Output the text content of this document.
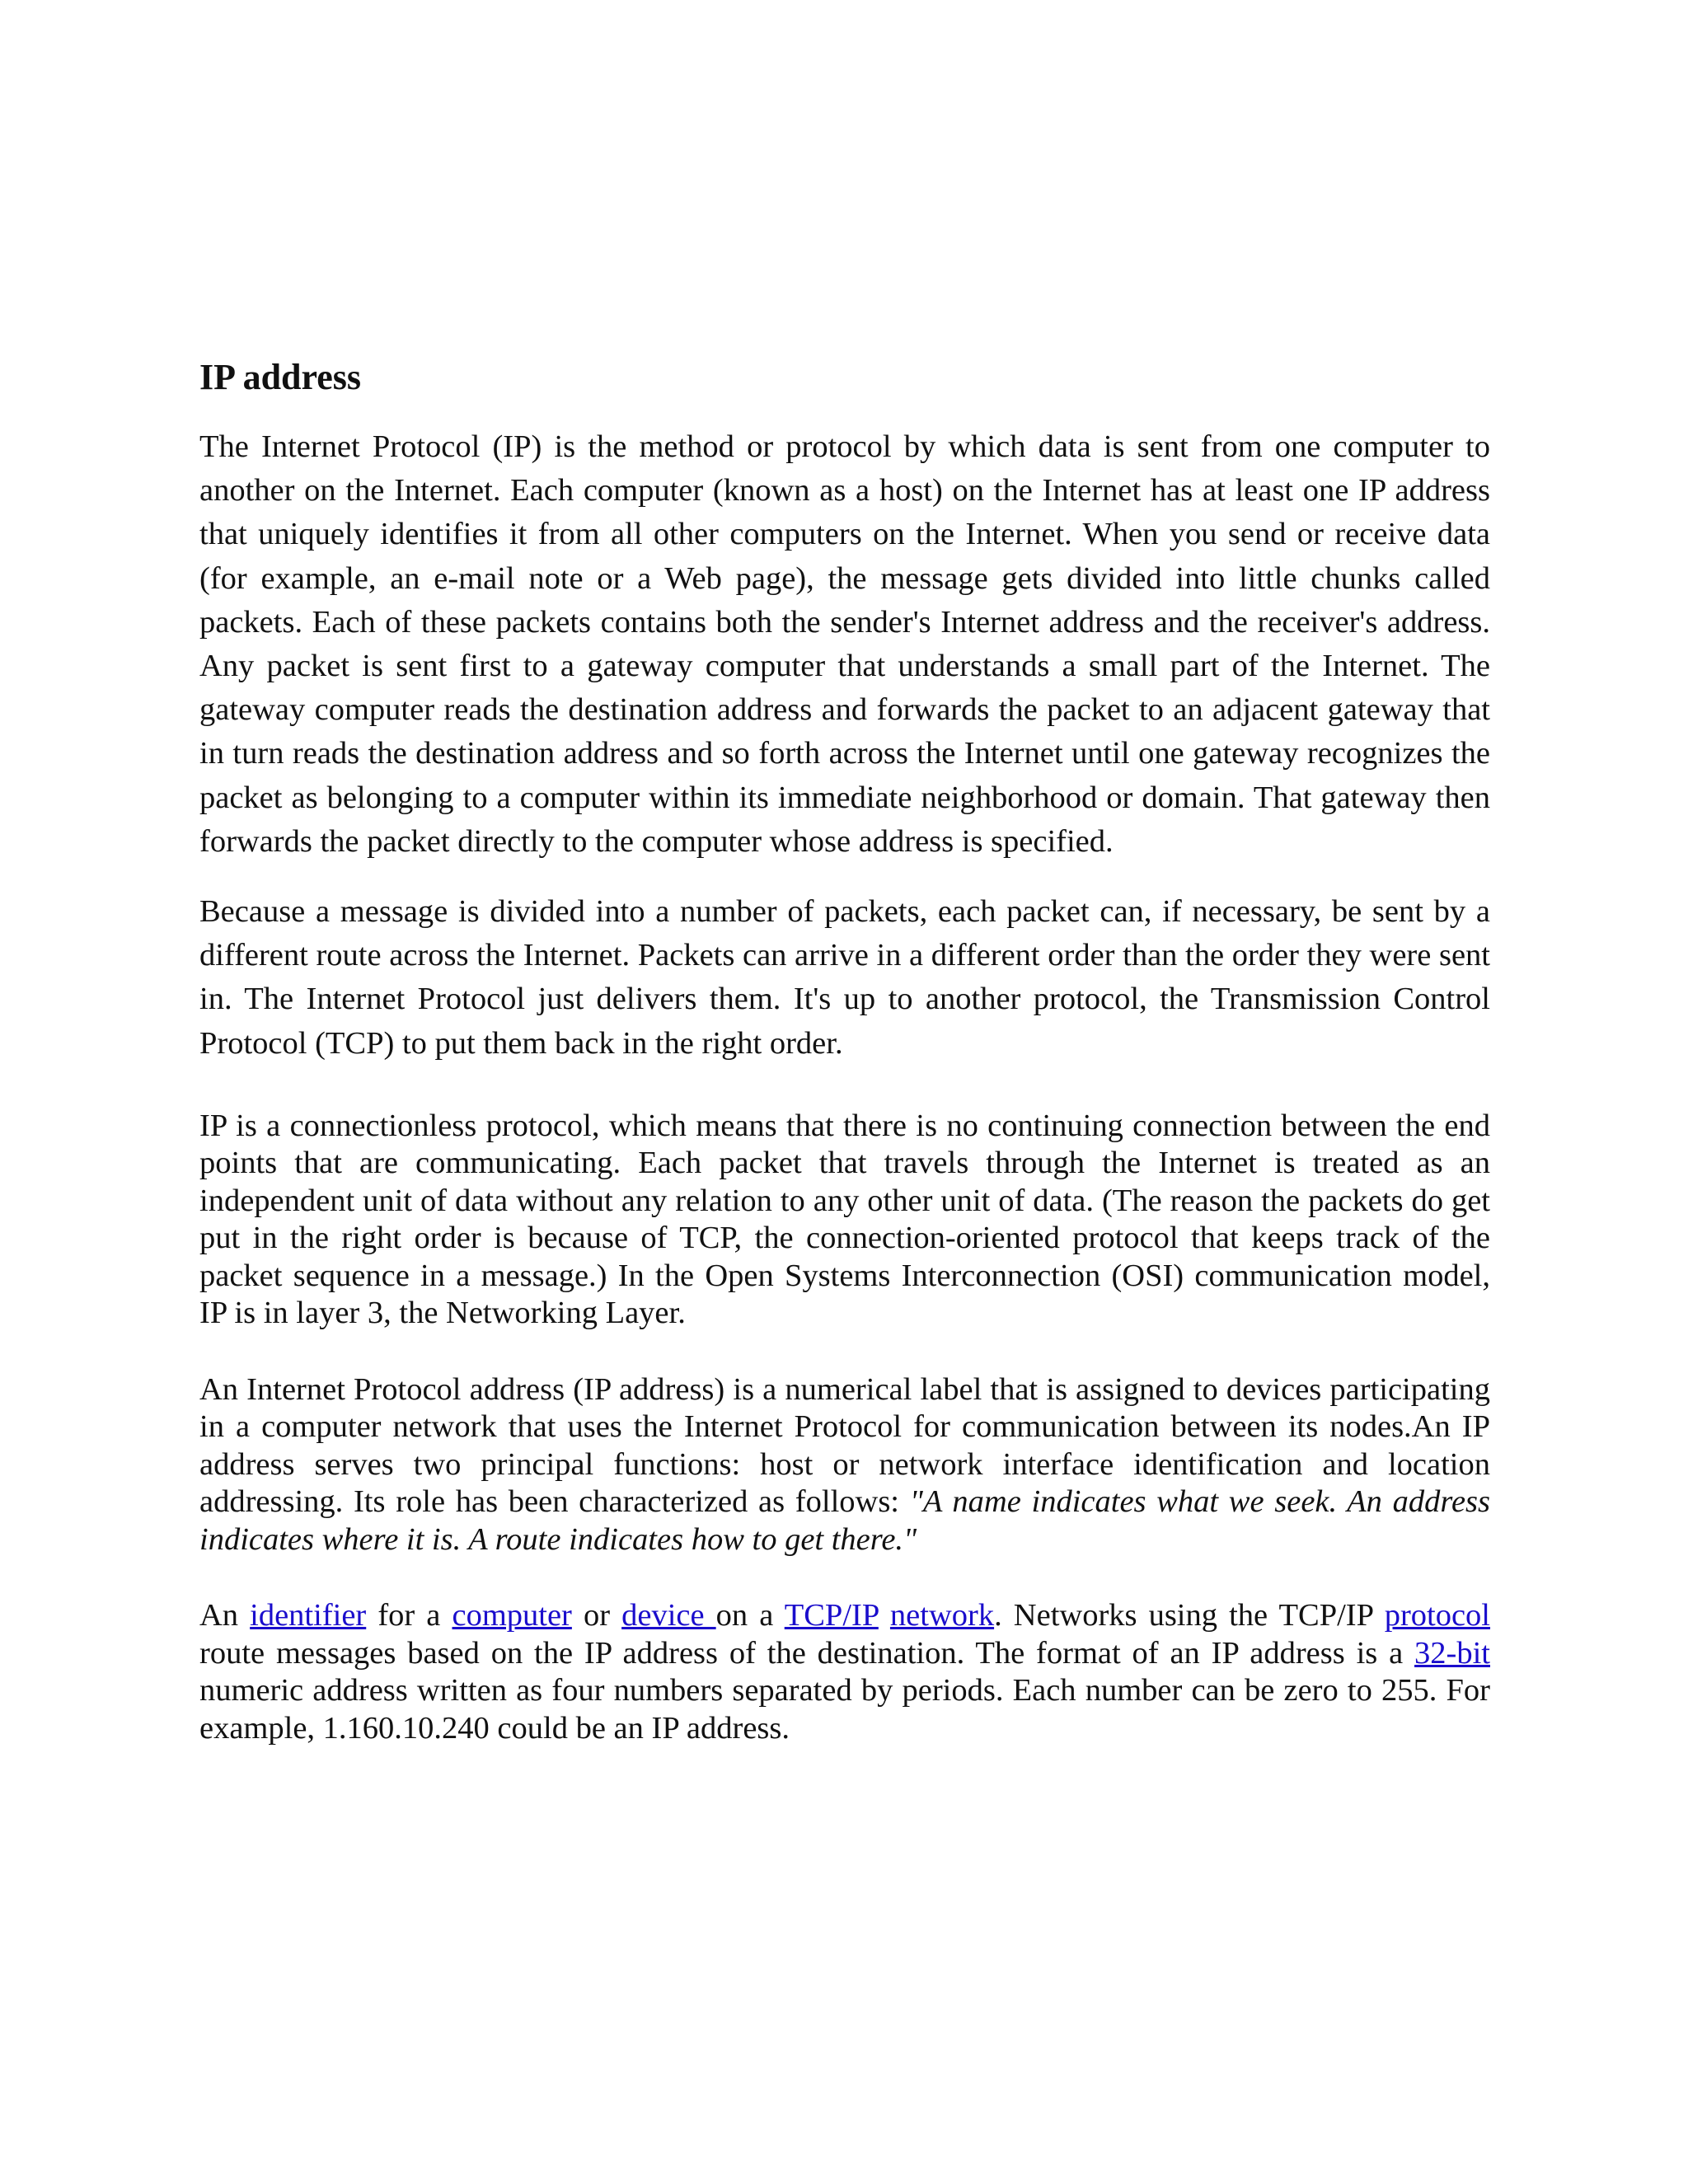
IP address

The Internet Protocol (IP) is the method or protocol by which data is sent from one computer to another on the Internet. Each computer (known as a host) on the Internet has at least one IP address that uniquely identifies it from all other computers on the Internet. When you send or receive data (for example, an e-mail note or a Web page), the message gets divided into little chunks called packets. Each of these packets contains both the sender's Internet address and the receiver's address. Any packet is sent first to a gateway computer that understands a small part of the Internet. The gateway computer reads the destination address and forwards the packet to an adjacent gateway that in turn reads the destination address and so forth across the Internet until one gateway recognizes the packet as belonging to a computer within its immediate neighborhood or domain. That gateway then forwards the packet directly to the computer whose address is specified.

Because a message is divided into a number of packets, each packet can, if necessary, be sent by a different route across the Internet. Packets can arrive in a different order than the order they were sent in. The Internet Protocol just delivers them. It's up to another protocol, the Transmission Control Protocol (TCP) to put them back in the right order.

IP is a connectionless protocol, which means that there is no continuing connection between the end points that are communicating. Each packet that travels through the Internet is treated as an independent unit of data without any relation to any other unit of data. (The reason the packets do get put in the right order is because of TCP, the connection-oriented protocol that keeps track of the packet sequence in a message.) In the Open Systems Interconnection (OSI) communication model, IP is in layer 3, the Networking Layer.

An Internet Protocol address (IP address) is a numerical label that is assigned to devices participating in a computer network that uses the Internet Protocol for communication between its nodes.An IP address serves two principal functions: host or network interface identification and location addressing. Its role has been characterized as follows: "A name indicates what we seek. An address indicates where it is. A route indicates how to get there."

An identifier for a computer or device on a TCP/IP network. Networks using the TCP/IP protocol route messages based on the IP address of the destination. The format of an IP address is a 32-bit numeric address written as four numbers separated by periods. Each number can be zero to 255. For example, 1.160.10.240 could be an IP address.
